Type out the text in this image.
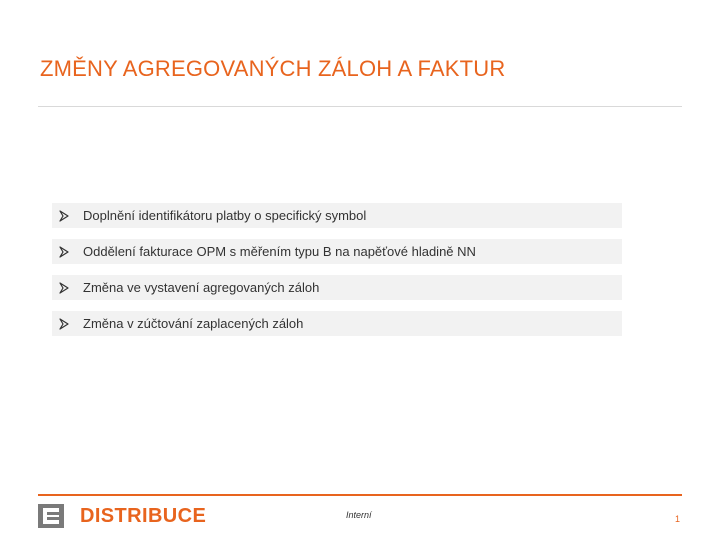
ZMĚNY AGREGOVANÝCH ZÁLOH A FAKTUR
Doplnění identifikátoru platby o specifický symbol
Oddělení fakturace OPM s měřením typu B na napěťové hladině NN
Změna ve vystavení agregovaných záloh
Změna v zúčtování zaplacených záloh
DISTRIBUCE	Interní	1
